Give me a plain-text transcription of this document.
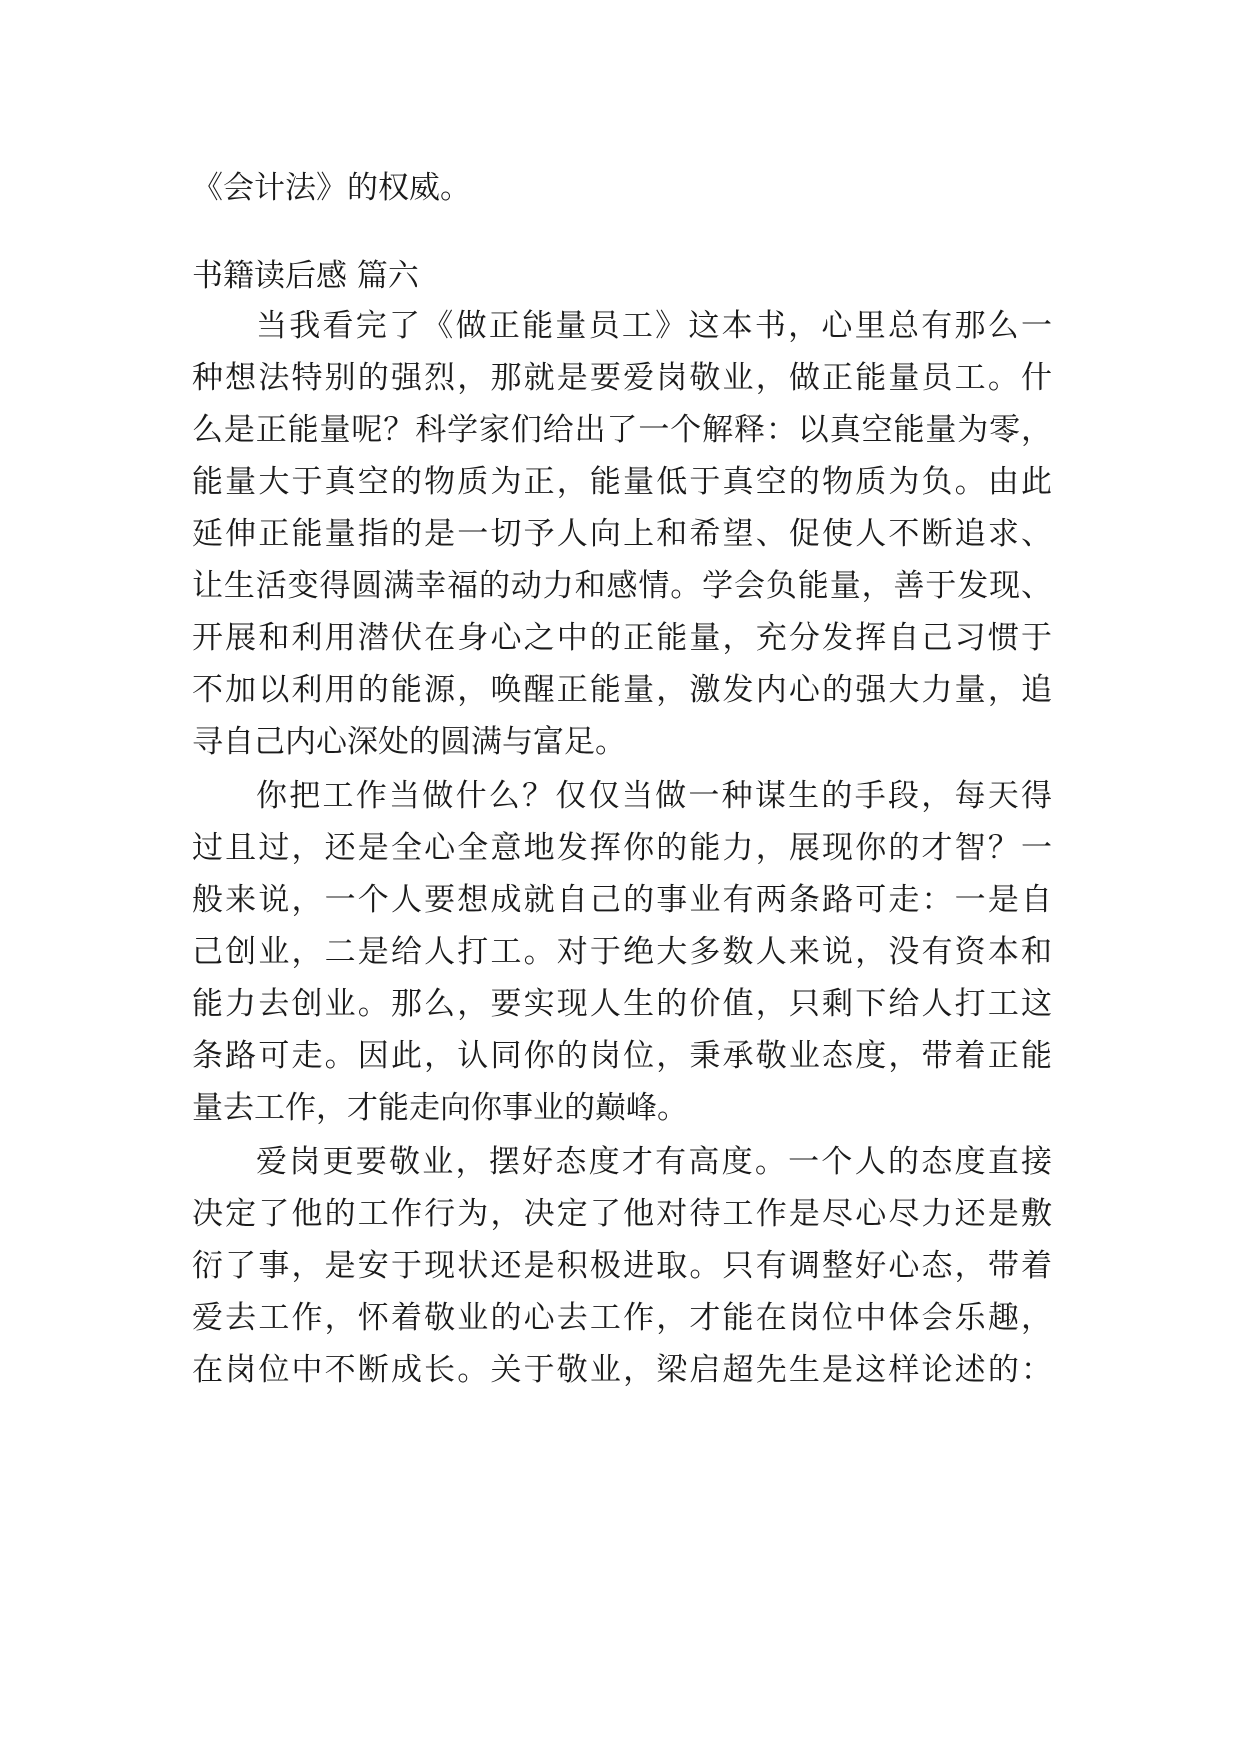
《会计法》的权威。
书籍读后感 篇六
当我看完了《做正能量员工》这本书，心里总有那么一
种想法特别的强烈，那就是要爱岗敬业，做正能量员工。什
么是正能量呢？科学家们给出了一个解释：以真空能量为零，
能量大于真空的物质为正，能量低于真空的物质为负。由此
延伸正能量指的是一切予人向上和希望、促使人不断追求、
让生活变得圆满幸福的动力和感情。学会负能量，善于发现、
开展和利用潜伏在身心之中的正能量，充分发挥自己习惯于
不加以利用的能源，唤醒正能量，激发内心的强大力量，追
寻自己内心深处的圆满与富足。
你把工作当做什么？仅仅当做一种谋生的手段，每天得
过且过，还是全心全意地发挥你的能力，展现你的才智？一
般来说，一个人要想成就自己的事业有两条路可走：一是自
己创业，二是给人打工。对于绝大多数人来说，没有资本和
能力去创业。那么，要实现人生的价值，只剩下给人打工这
条路可走。因此，认同你的岗位，秉承敬业态度，带着正能
量去工作，才能走向你事业的巅峰。
爱岗更要敬业，摆好态度才有高度。一个人的态度直接
决定了他的工作行为，决定了他对待工作是尽心尽力还是敷
衍了事，是安于现状还是积极进取。只有调整好心态，带着
爱去工作，怀着敬业的心去工作，才能在岗位中体会乐趣，
在岗位中不断成长。关于敬业，梁启超先生是这样论述的：
